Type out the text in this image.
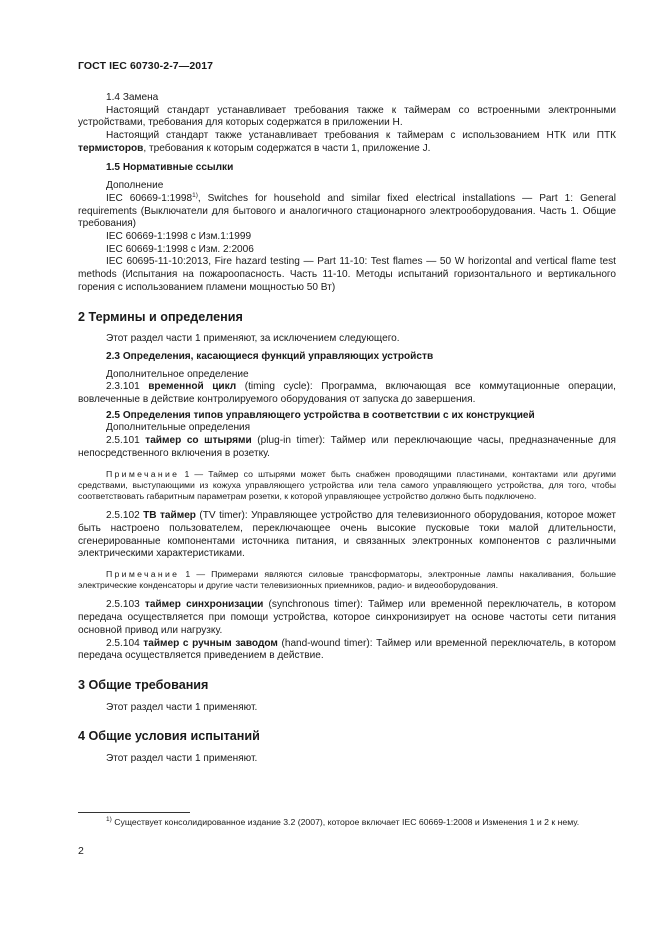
ГОСТ IEC 60730-2-7—2017

1.4 Замена

Настоящий стандарт устанавливает требования также к таймерам со встроенными электронными устройствами, требования для которых содержатся в приложении Н.

Настоящий стандарт также устанавливает требования к таймерам с использованием НТК или ПТК термисторов, требования к которым содержатся в части 1, приложение J.

1.5 Нормативные ссылки

Дополнение

IEC 60669-1:1998$^{1)}$, Switches for household and similar fixed electrical installations — Part 1: General requirements (Выключатели для бытового и аналогичного стационарного электрооборудования. Часть 1. Общие требования)

IEC 60669-1:1998 с Изм.1:1999

IEC 60669-1:1998 с Изм. 2:2006

IEC 60695-11-10:2013, Fire hazard testing — Part 11-10: Test flames — 50 W horizontal and vertical flame test methods (Испытания на пожароопасность. Часть 11-10. Методы испытаний горизонтального и вертикального горения с использованием пламени мощностью 50 Вт)

2 Термины и определения

Этот раздел части 1 применяют, за исключением следующего.

2.3 Определения, касающиеся функций управляющих устройств

Дополнительное определение

2.3.101 временной цикл (timing cycle): Программа, включающая все коммутационные операции, вовлеченные в действие контролируемого оборудования от запуска до завершения.

2.5 Определения типов управляющего устройства в соответствии с их конструкцией

Дополнительные определения

2.5.101 таймер со штырями (plug-in timer): Таймер или переключающие часы, предназначенные для непосредственного включения в розетку.

Примечание 1 — Таймер со штырями может быть снабжен проводящими пластинами, контактами или другими средствами, выступающими из кожуха управляющего устройства или тела самого управляющего устройства, для того, чтобы соответствовать габаритным параметрам розетки, к которой управляющее устройство должно быть подключено.

2.5.102 ТВ таймер (TV timer): Управляющее устройство для телевизионного оборудования, которое может быть настроено пользователем, переключающее очень высокие пусковые токи малой длительности, сгенерированные компонентами источника питания, и связанных электронных компонентов с различными электрическими характеристиками.

Примечание 1 — Примерами являются силовые трансформаторы, электронные лампы накаливания, большие электрические конденсаторы и другие части телевизионных приемников, радио- и видеооборудования.

2.5.103 таймер синхронизации (synchronous timer): Таймер или временной переключатель, в котором передача осуществляется при помощи устройства, которое синхронизирует на основе частоты сети питания основной привод или нагрузку.

2.5.104 таймер с ручным заводом (hand-wound timer): Таймер или временной переключатель, в котором передача осуществляется приведением в действие.

3 Общие требования

Этот раздел части 1 применяют.

4 Общие условия испытаний

Этот раздел части 1 применяют.

$^{1)}$ Существует консолидированное издание 3.2 (2007), которое включает IEC 60669-1:2008 и Изменения 1 и 2 к нему.

2
